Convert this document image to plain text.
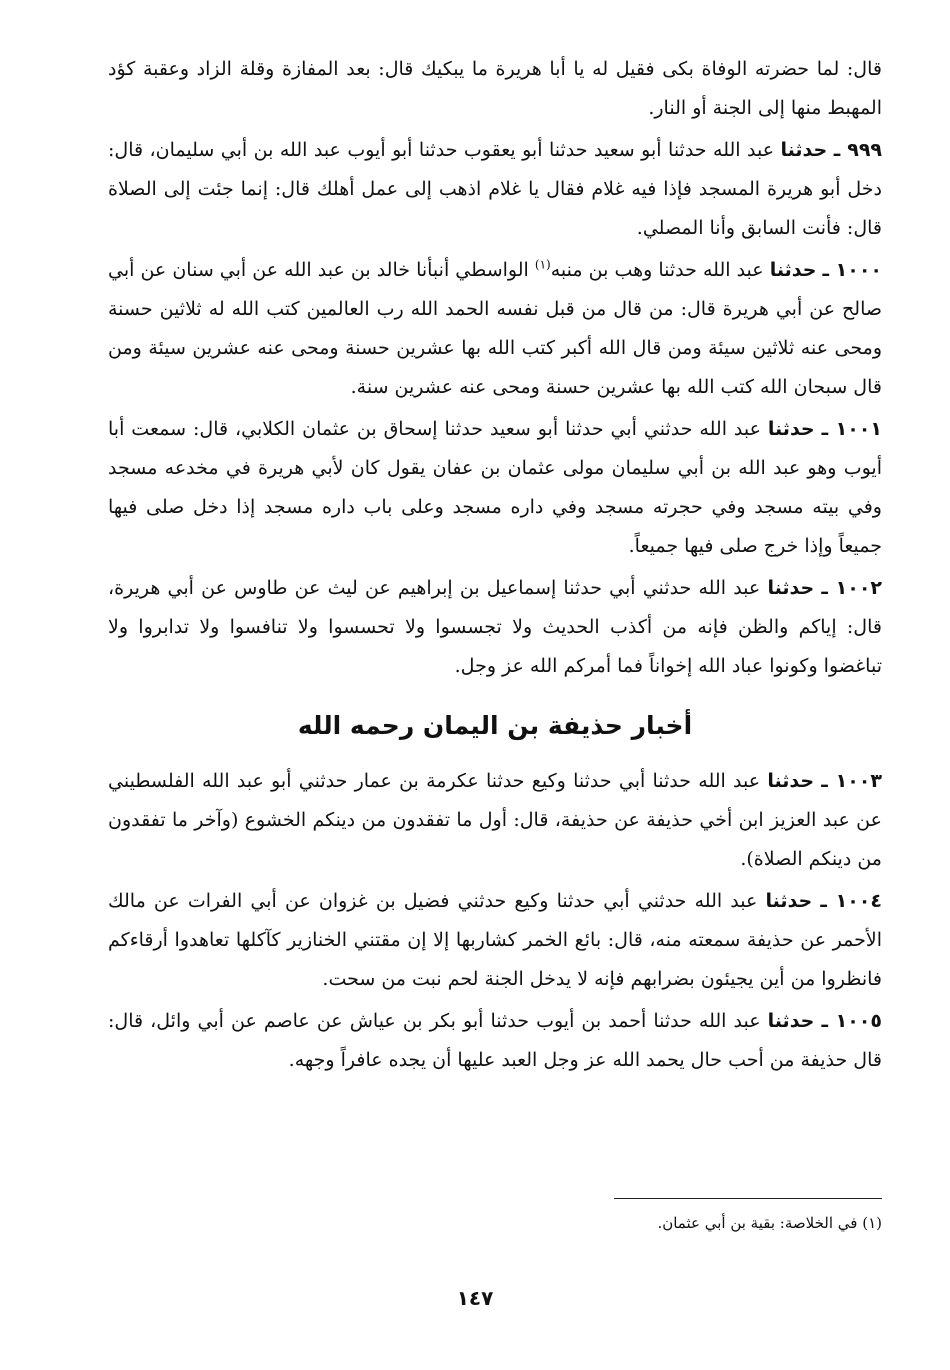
قال: لما حضرته الوفاة بكى فقيل له يا أبا هريرة ما يبكيك قال: بعد المفازة وقلة الزاد وعقبة كؤد المهبط منها إلى الجنة أو النار.

٩٩٩ ـ حدثنا عبد الله حدثنا أبو سعيد حدثنا أبو يعقوب حدثنا أبو أيوب عبد الله بن أبي سليمان، قال: دخل أبو هريرة المسجد فإذا فيه غلام فقال يا غلام اذهب إلى عمل أهلك قال: إنما جئت إلى الصلاة قال: فأنت السابق وأنا المصلي.

١٠٠٠ ـ حدثنا عبد الله حدثنا وهب بن منبه$^{(١)}$ الواسطي أنبأنا خالد بن عبد الله عن أبي سنان عن أبي صالح عن أبي هريرة قال: من قال من قبل نفسه الحمد الله رب العالمين كتب الله له ثلاثين حسنة ومحى عنه ثلاثين سيئة ومن قال الله أكبر كتب الله بها عشرين حسنة ومحى عنه عشرين سيئة ومن قال سبحان الله كتب الله بها عشرين حسنة ومحى عنه عشرين سنة.

١٠٠١ ـ حدثنا عبد الله حدثني أبي حدثنا أبو سعيد حدثنا إسحاق بن عثمان الكلابي، قال: سمعت أبا أيوب وهو عبد الله بن أبي سليمان مولى عثمان بن عفان يقول كان لأبي هريرة في مخدعه مسجد وفي بيته مسجد وفي حجرته مسجد وفي داره مسجد وعلى باب داره مسجد إذا دخل صلى فيها جميعاً وإذا خرج صلى فيها جميعاً.

١٠٠٢ ـ حدثنا عبد الله حدثني أبي حدثنا إسماعيل بن إبراهيم عن ليث عن طاوس عن أبي هريرة، قال: إياكم والظن فإنه من أكذب الحديث ولا تجسسوا ولا تحسسوا ولا تنافسوا ولا تدابروا ولا تباغضوا وكونوا عباد الله إخواناً فما أمركم الله عز وجل.

أخبار حذيفة بن اليمان رحمه الله

١٠٠٣ ـ حدثنا عبد الله حدثنا أبي حدثنا وكيع حدثنا عكرمة بن عمار حدثني أبو عبد الله الفلسطيني عن عبد العزيز ابن أخي حذيفة عن حذيفة، قال: أول ما تفقدون من دينكم الخشوع (وآخر ما تفقدون من دينكم الصلاة).

١٠٠٤ ـ حدثنا عبد الله حدثني أبي حدثنا وكيع حدثني فضيل بن غزوان عن أبي الفرات عن مالك الأحمر عن حذيفة سمعته منه، قال: بائع الخمر كشاربها إلا إن مقتني الخنازير كآكلها تعاهدوا أرقاءكم فانظروا من أين يجيئون بضرابهم فإنه لا يدخل الجنة لحم نبت من سحت.

١٠٠٥ ـ حدثنا عبد الله حدثنا أحمد بن أيوب حدثنا أبو بكر بن عياش عن عاصم عن أبي وائل، قال: قال حذيفة من أحب حال يحمد الله عز وجل العبد عليها أن يجده عافراً وجهه.

(١) في الخلاصة: بقية بن أبي عثمان.
١٤٧
